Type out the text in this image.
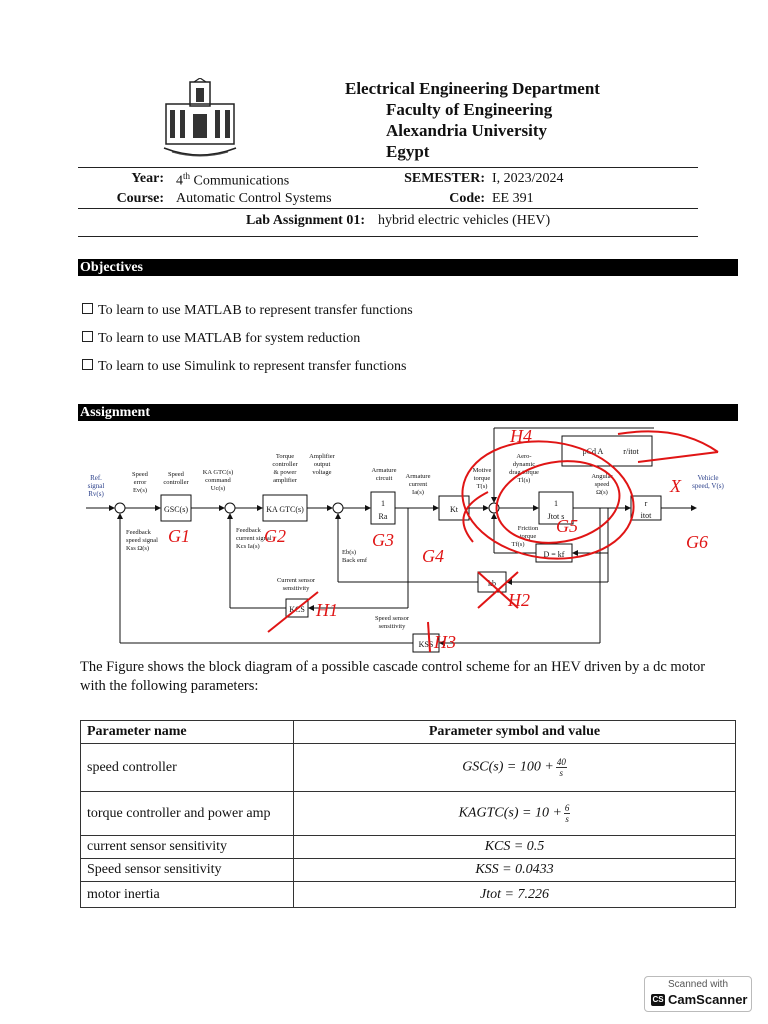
Electrical Engineering Department
Faculty of Engineering
Alexandria University
Egypt
Year: 4th Communications	SEMESTER: I, 2023/2024
Course: Automatic Control Systems	Code: EE 391
Lab Assignment 01: hybrid electric vehicles (HEV)
Objectives
To learn to use MATLAB to represent transfer functions
To learn to use MATLAB for system reduction
To learn to use Simulink to represent transfer functions
Assignment
GSC(s)	KA GTC(s)
1
Ra
Kt
1
Jtot s
r
itot
D = kf
kb
KCS
KSS
ρCd A r/itot
Ref.
signal
Rv(s)
Vehicle
speed, V(s)
Speed
error
Ev(s)
Speed
controller
KA GTC(s)
command
Uc(s)
Torque
controller
& power
amplifier
Amplifier
output
voltage	Armature
circuit Armature
current
Ia(s)
Motive
torque
T(s)
Aero-
dynamic
drag torque
Tl(s)
Angular
speed
Ω(s)
Friction
torque
Tf(s)
Feedback
speed signal
Kss Ω(s)
Feedback
current signal
Kcs Ia(s)
Eb(s)
Back emf
Current sensor
sensitivity
Speed sensor
sensitivity
H4
G1	G2	G3
G4
G5
G6
H1	H2
H3
X
The Figure shows the block diagram of a possible cascade control scheme for an HEV driven by a dc motor with the following parameters:
Parameter name	Parameter symbol and value
speed controller	$GSC(s) = 100 + \frac{40}{s}$

torque controller and power amp	KAGTC(s) = $10 + \frac{6}{s}$

current sensor sensitivity	KCS = 0.5
Speed sensor sensitivity	KSS = 0.0433
motor inertia	Jtot = 7.226
Scanned with
CS CamScanner
